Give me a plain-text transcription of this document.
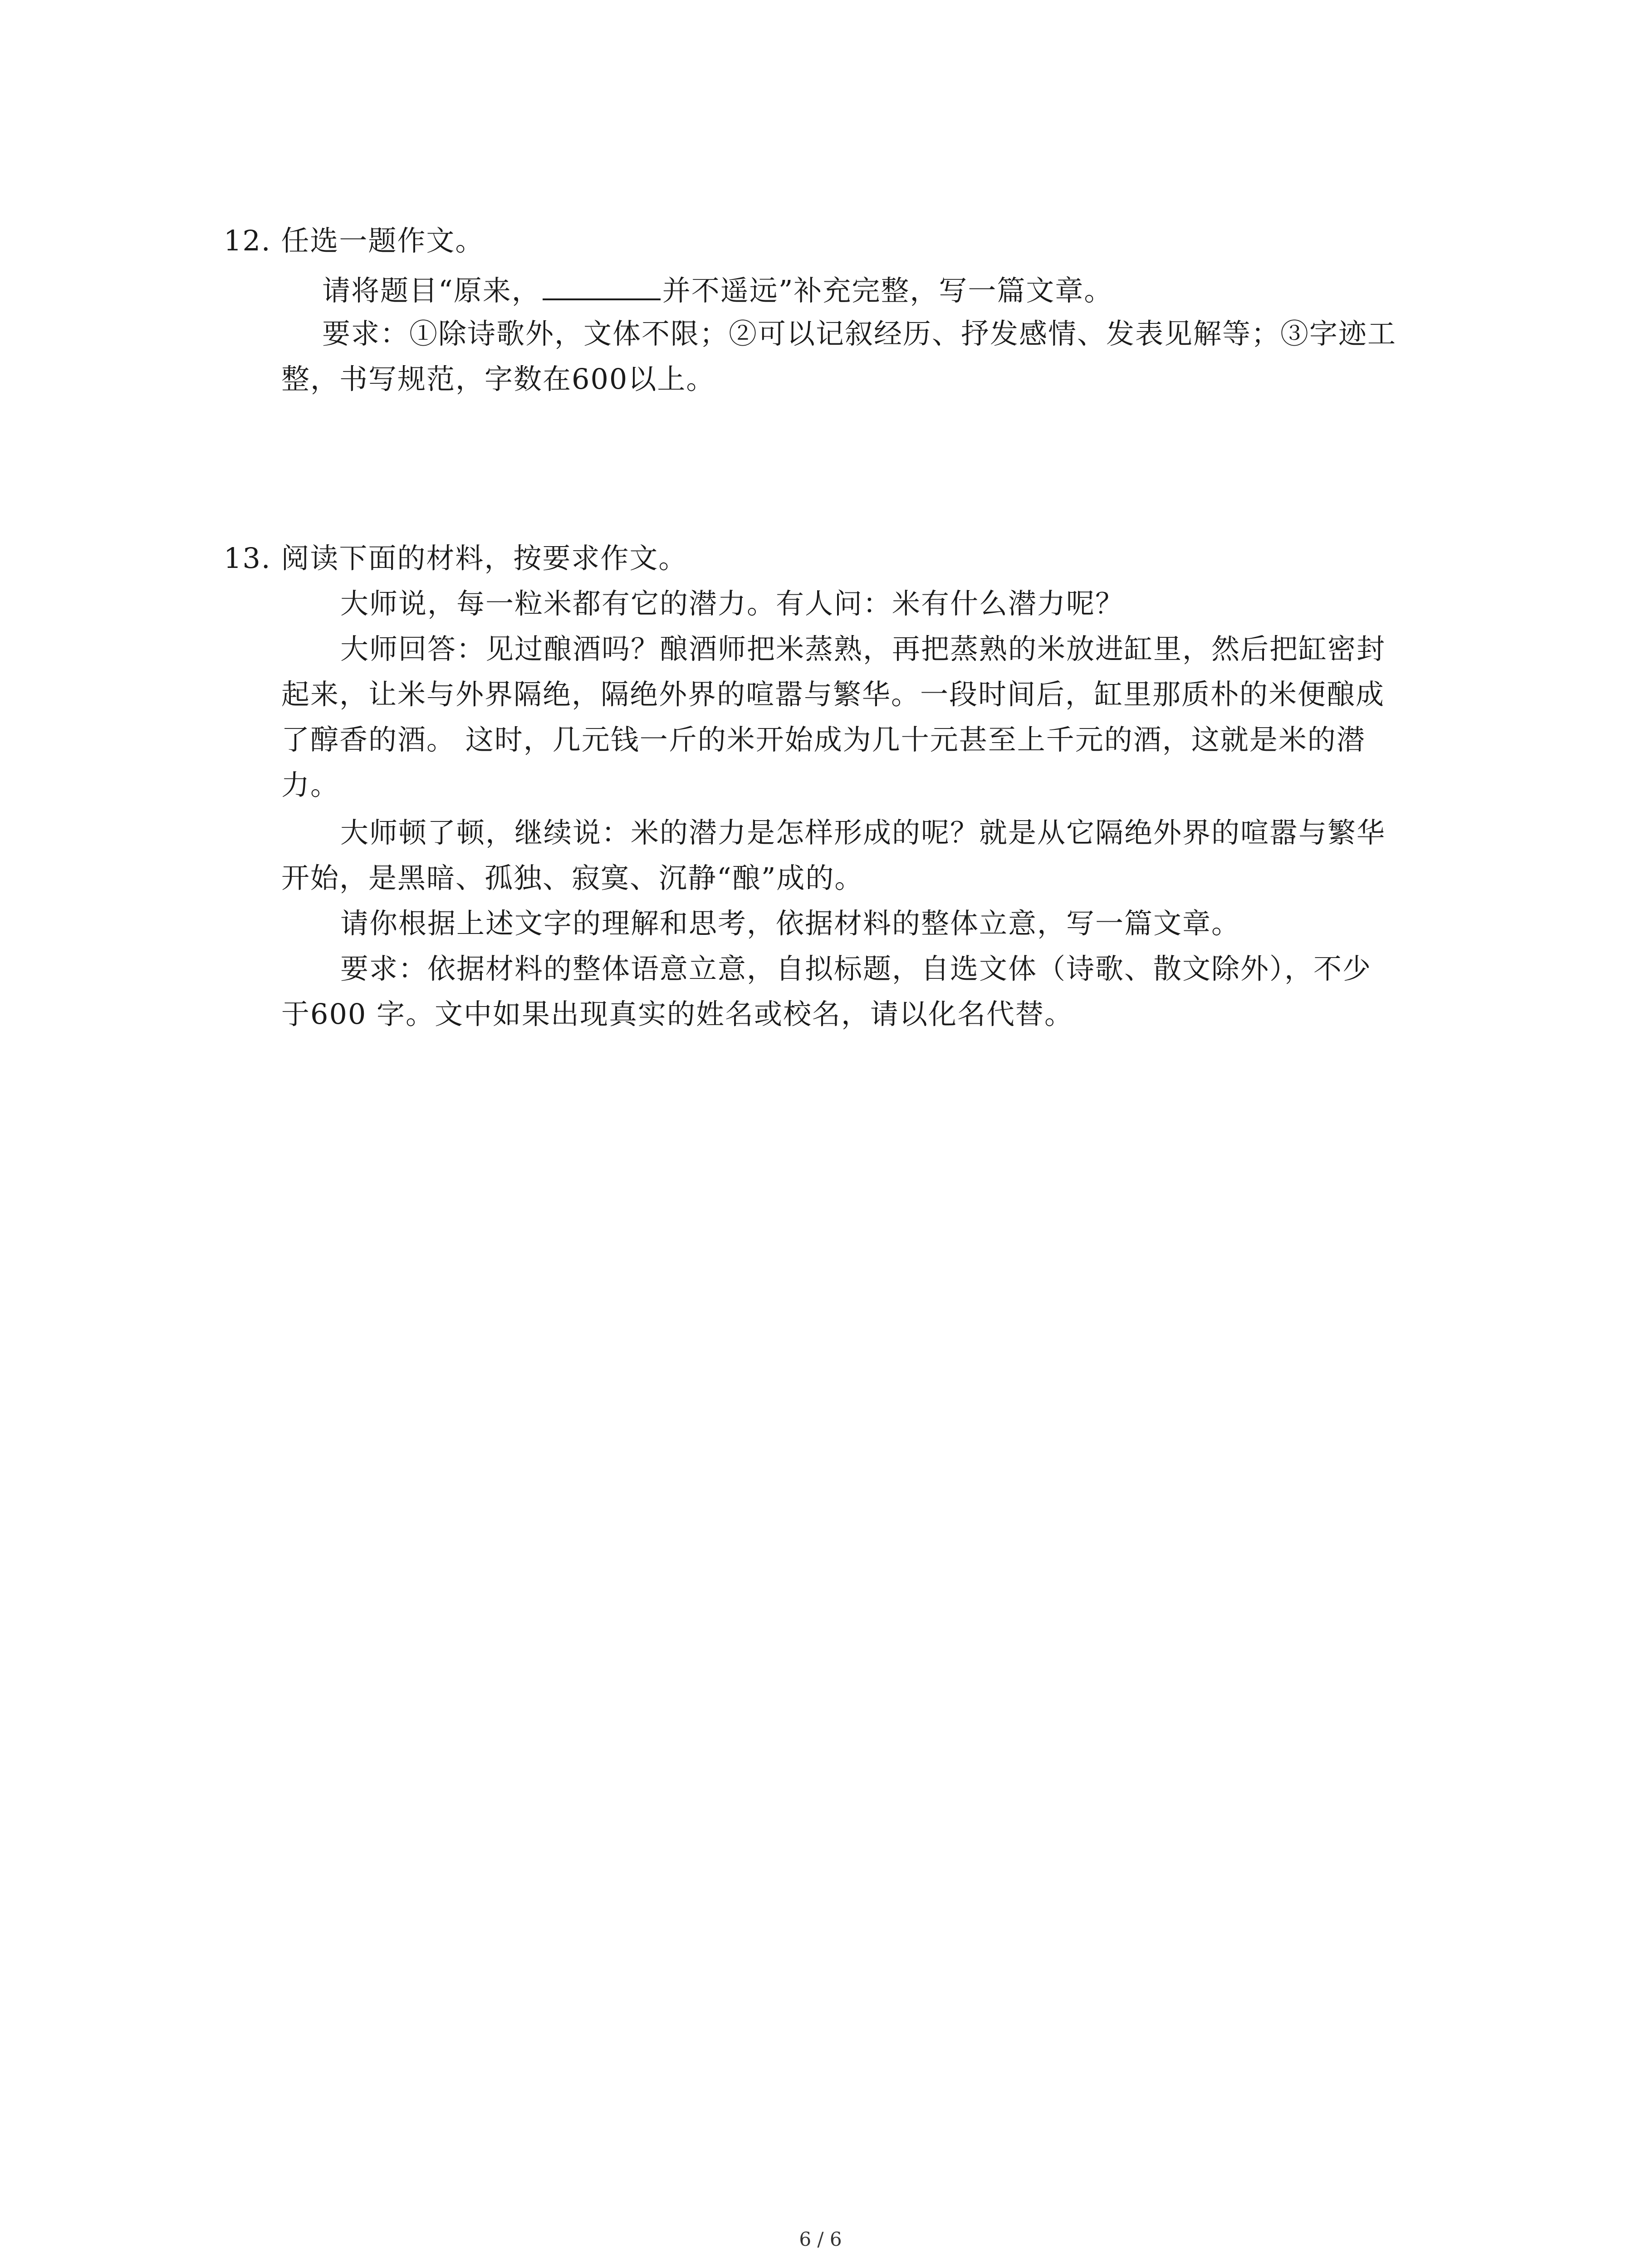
12. 任选一题作文。
请将题目“原来，	并不遥远”补充完整，写一篇文章。
要求：①除诗歌外，文体不限；②可以记叙经历、抒发感情、发表见解等；③字迹工
整，书写规范，字数在600以上。
13. 阅读下面的材料，按要求作文。
大师说，每一粒米都有它的潜力。有人问：米有什么潜力呢？
大师回答：见过酿酒吗？酿酒师把米蒸熟，再把蒸熟的米放进缸里，然后把缸密封
起来，让米与外界隔绝，隔绝外界的喧嚣与繁华。一段时间后，缸里那质朴的米便酿成
了醇香的酒。 这时，几元钱一斤的米开始成为几十元甚至上千元的酒，这就是米的潜
力。
大师顿了顿，继续说：米的潜力是怎样形成的呢？就是从它隔绝外界的喧嚣与繁华
开始，是黑暗、孤独、寂寞、沉静“酿”成的。
请你根据上述文字的理解和思考，依据材料的整体立意，写一篇文章。
要求：依据材料的整体语意立意，自拟标题，自选文体（诗歌、散文除外），不少
于600 字。文中如果出现真实的姓名或校名，请以化名代替。
6 / 6
